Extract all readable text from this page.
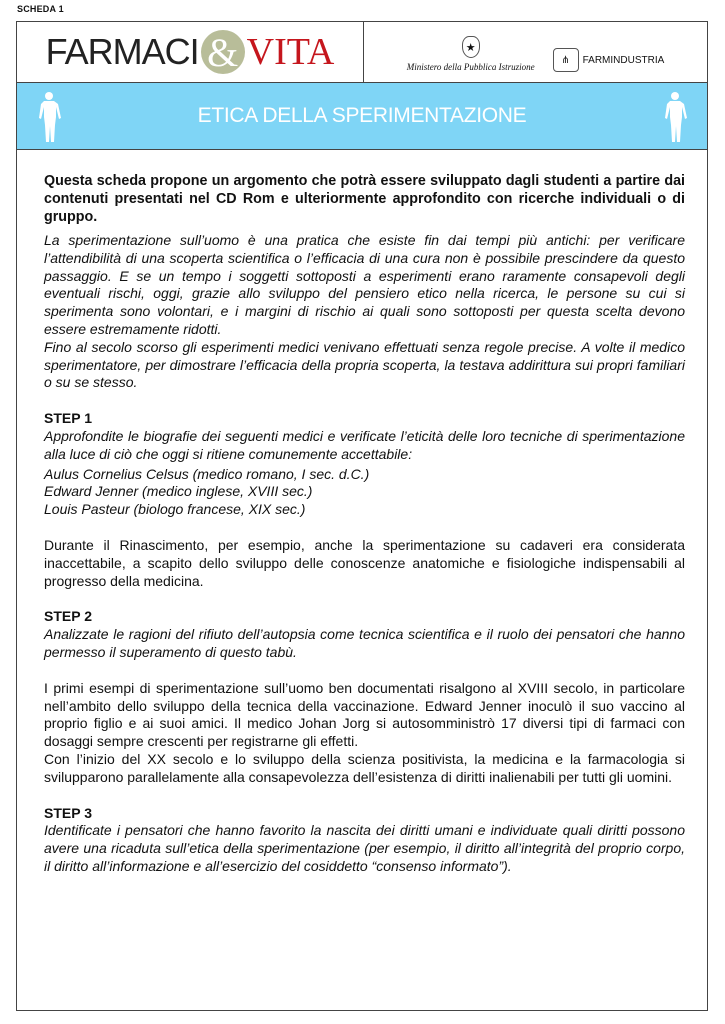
SCHEDA 1
FARMACI & VITA	★
Ministero della Pubblica Istruzione
⋔	FARMINDUSTRIA
ETICA DELLA SPERIMENTAZIONE

Questa scheda propone un argomento che potrà essere sviluppato dagli studenti a partire dai contenuti presentati nel CD Rom e ulteriormente approfondito con ricerche individuali o di gruppo.

La sperimentazione sull’uomo è una pratica che esiste fin dai tempi più antichi: per verificare l’attendibilità di una scoperta scientifica o l’efficacia di una cura non è possibile prescindere da questo passaggio. E se un tempo i soggetti sottoposti a esperimenti erano raramente consapevoli degli eventuali rischi, oggi, grazie allo sviluppo del pensiero etico nella ricerca, le persone su cui si sperimenta sono volontari, e i margini di rischio ai quali sono sottoposti per questa scelta devono essere estremamente ridotti.

Fino al secolo scorso gli esperimenti medici venivano effettuati senza regole precise. A volte il medico sperimentatore, per dimostrare l’efficacia della propria scoperta, la testava addirittura sui propri familiari o su se stesso.

STEP 1

Approfondite le biografie dei seguenti medici e verificate l’eticità delle loro tecniche di sperimentazione alla luce di ciò che oggi si ritiene comunemente accettabile:

Aulus Cornelius Celsus (medico romano, I sec. d.C.)

Edward Jenner (medico inglese, XVIII sec.)

Louis Pasteur (biologo francese, XIX sec.)

Durante il Rinascimento, per esempio, anche la sperimentazione su cadaveri era considerata inaccettabile, a scapito dello sviluppo delle conoscenze anatomiche e fisiologiche indispensabili al progresso della medicina.

STEP 2

Analizzate le ragioni del rifiuto dell’autopsia come tecnica scientifica e il ruolo dei pensatori che hanno permesso il superamento di questo tabù.

I primi esempi di sperimentazione sull’uomo ben documentati risalgono al XVIII secolo, in particolare nell’ambito dello sviluppo della tecnica della vaccinazione. Edward Jenner inoculò il suo vaccino al proprio figlio e ai suoi amici. Il medico Johan Jorg si autosomministrò 17 diversi tipi di farmaci con dosaggi sempre crescenti per registrarne gli effetti.

Con l’inizio del XX secolo e lo sviluppo della scienza positivista, la medicina e la farmacologia si svilupparono parallelamente alla consapevolezza dell’esistenza di diritti inalienabili per tutti gli uomini.

STEP 3

Identificate i pensatori che hanno favorito la nascita dei diritti umani e individuate quali diritti possono avere una ricaduta sull’etica della sperimentazione (per esempio, il diritto all’integrità del proprio corpo, il diritto all’informazione e all’esercizio del cosiddetto “consenso informato”).
